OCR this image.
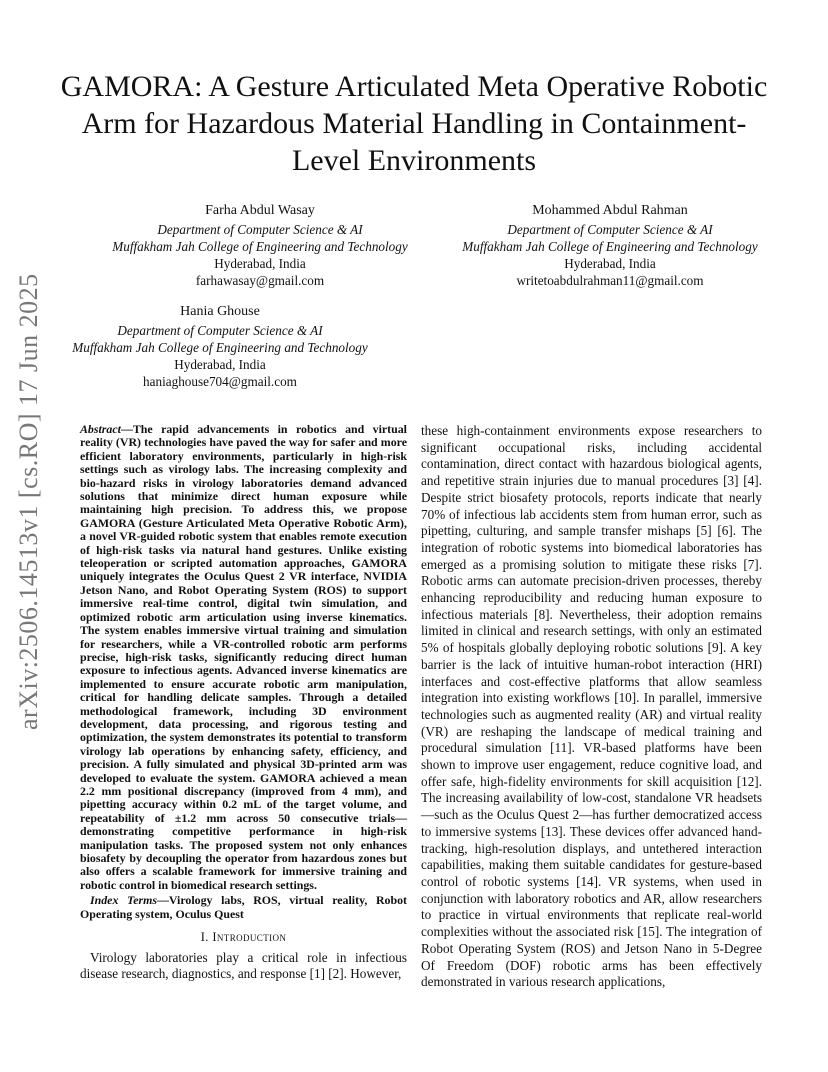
arXiv:2506.14513v1 [cs.RO] 17 Jun 2025
GAMORA: A Gesture Articulated Meta Operative Robotic Arm for Hazardous Material Handling in Containment-Level Environments
Farha Abdul Wasay
Department of Computer Science & AI
Muffakham Jah College of Engineering and Technology
Hyderabad, India
farhawasay@gmail.com
Mohammed Abdul Rahman
Department of Computer Science & AI
Muffakham Jah College of Engineering and Technology
Hyderabad, India
writetoabdulrahman11@gmail.com
Hania Ghouse
Department of Computer Science & AI
Muffakham Jah College of Engineering and Technology
Hyderabad, India
haniaghouse704@gmail.com

Abstract—The rapid advancements in robotics and virtual reality (VR) technologies have paved the way for safer and more efficient laboratory environments, particularly in high-risk settings such as virology labs. The increasing complexity and bio-hazard risks in virology laboratories demand advanced solutions that minimize direct human exposure while maintaining high precision. To address this, we propose GAMORA (Gesture Articulated Meta Operative Robotic Arm), a novel VR-guided robotic system that enables remote execution of high-risk tasks via natural hand gestures. Unlike existing teleoperation or scripted automation approaches, GAMORA uniquely integrates the Oculus Quest 2 VR interface, NVIDIA Jetson Nano, and Robot Operating System (ROS) to support immersive real-time control, digital twin simulation, and optimized robotic arm articulation using inverse kinematics. The system enables immersive virtual training and simulation for researchers, while a VR-controlled robotic arm performs precise, high-risk tasks, significantly reducing direct human exposure to infectious agents. Advanced inverse kinematics are implemented to ensure accurate robotic arm manipulation, critical for handling delicate samples. Through a detailed methodological framework, including 3D environment development, data processing, and rigorous testing and optimization, the system demonstrates its potential to transform virology lab operations by enhancing safety, efficiency, and precision. A fully simulated and physical 3D-printed arm was developed to evaluate the system. GAMORA achieved a mean 2.2 mm positional discrepancy (improved from 4 mm), and pipetting accuracy within 0.2 mL of the target volume, and repeatability of ±1.2 mm across 50 consecutive trials—demonstrating competitive performance in high-risk manipulation tasks. The proposed system not only enhances biosafety by decoupling the operator from hazardous zones but also offers a scalable framework for immersive training and robotic control in biomedical research settings.

Index Terms—Virology labs, ROS, virtual reality, Robot Operating system, Oculus Quest

I. Introduction

Virology laboratories play a critical role in infectious disease research, diagnostics, and response [1] [2]. However,

these high-containment environments expose researchers to significant occupational risks, including accidental contamination, direct contact with hazardous biological agents, and repetitive strain injuries due to manual procedures [3] [4]. Despite strict biosafety protocols, reports indicate that nearly 70% of infectious lab accidents stem from human error, such as pipetting, culturing, and sample transfer mishaps [5] [6]. The integration of robotic systems into biomedical laboratories has emerged as a promising solution to mitigate these risks [7]. Robotic arms can automate precision-driven processes, thereby enhancing reproducibility and reducing human exposure to infectious materials [8]. Nevertheless, their adoption remains limited in clinical and research settings, with only an estimated 5% of hospitals globally deploying robotic solutions [9]. A key barrier is the lack of intuitive human-robot interaction (HRI) interfaces and cost-effective platforms that allow seamless integration into existing workflows [10]. In parallel, immersive technologies such as augmented reality (AR) and virtual reality (VR) are reshaping the landscape of medical training and procedural simulation [11]. VR-based platforms have been shown to improve user engagement, reduce cognitive load, and offer safe, high-fidelity environments for skill acquisition [12]. The increasing availability of low-cost, standalone VR headsets—such as the Oculus Quest 2—has further democratized access to immersive systems [13]. These devices offer advanced hand-tracking, high-resolution displays, and untethered interaction capabilities, making them suitable candidates for gesture-based control of robotic systems [14]. VR systems, when used in conjunction with laboratory robotics and AR, allow researchers to practice in virtual environments that replicate real-world complexities without the associated risk [15]. The integration of Robot Operating System (ROS) and Jetson Nano in 5-Degree Of Freedom (DOF) robotic arms has been effectively demonstrated in various research applications,
